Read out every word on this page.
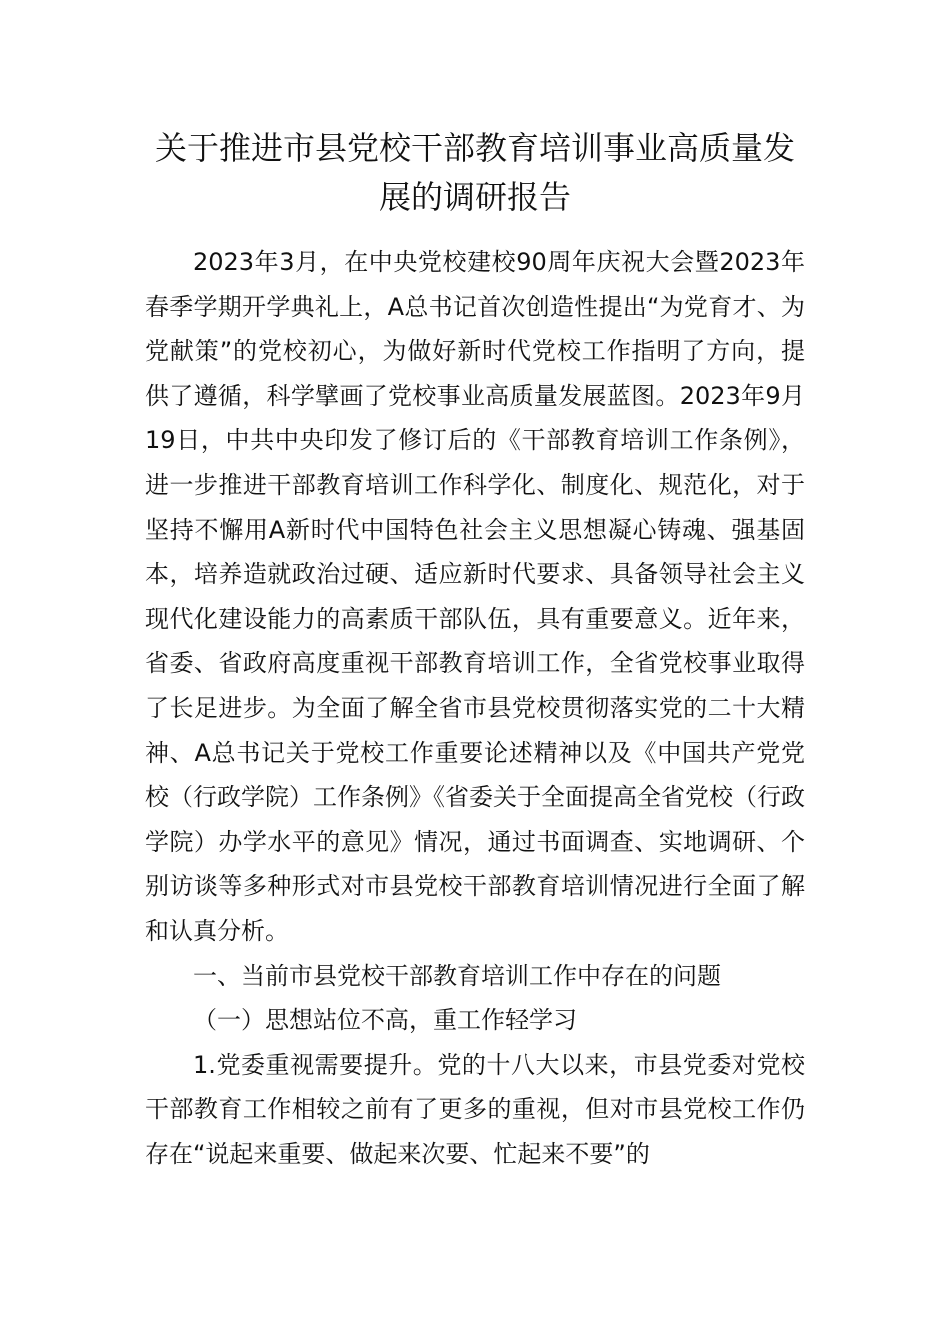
关于推进市县党校干部教育培训事业高质量发展的调研报告

2023年3月，在中央党校建校90周年庆祝大会暨2023年春季学期开学典礼上，A总书记首次创造性提出“为党育才、为党献策”的党校初心，为做好新时代党校工作指明了方向，提供了遵循，科学擘画了党校事业高质量发展蓝图。2023年9月19日，中共中央印发了修订后的《干部教育培训工作条例》，进一步推进干部教育培训工作科学化、制度化、规范化，对于坚持不懈用A新时代中国特色社会主义思想凝心铸魂、强基固本，培养造就政治过硬、适应新时代要求、具备领导社会主义现代化建设能力的高素质干部队伍，具有重要意义。近年来，省委、省政府高度重视干部教育培训工作，全省党校事业取得了长足进步。为全面了解全省市县党校贯彻落实党的二十大精神、A总书记关于党校工作重要论述精神以及《中国共产党党校（行政学院）工作条例》《省委关于全面提高全省党校（行政学院）办学水平的意见》情况，通过书面调查、实地调研、个别访谈等多种形式对市县党校干部教育培训情况进行全面了解和认真分析。

一、当前市县党校干部教育培训工作中存在的问题

（一）思想站位不高，重工作轻学习

1.党委重视需要提升。党的十八大以来，市县党委对党校干部教育工作相较之前有了更多的重视，但对市县党校工作仍存在“说起来重要、做起来次要、忙起来不要”的
